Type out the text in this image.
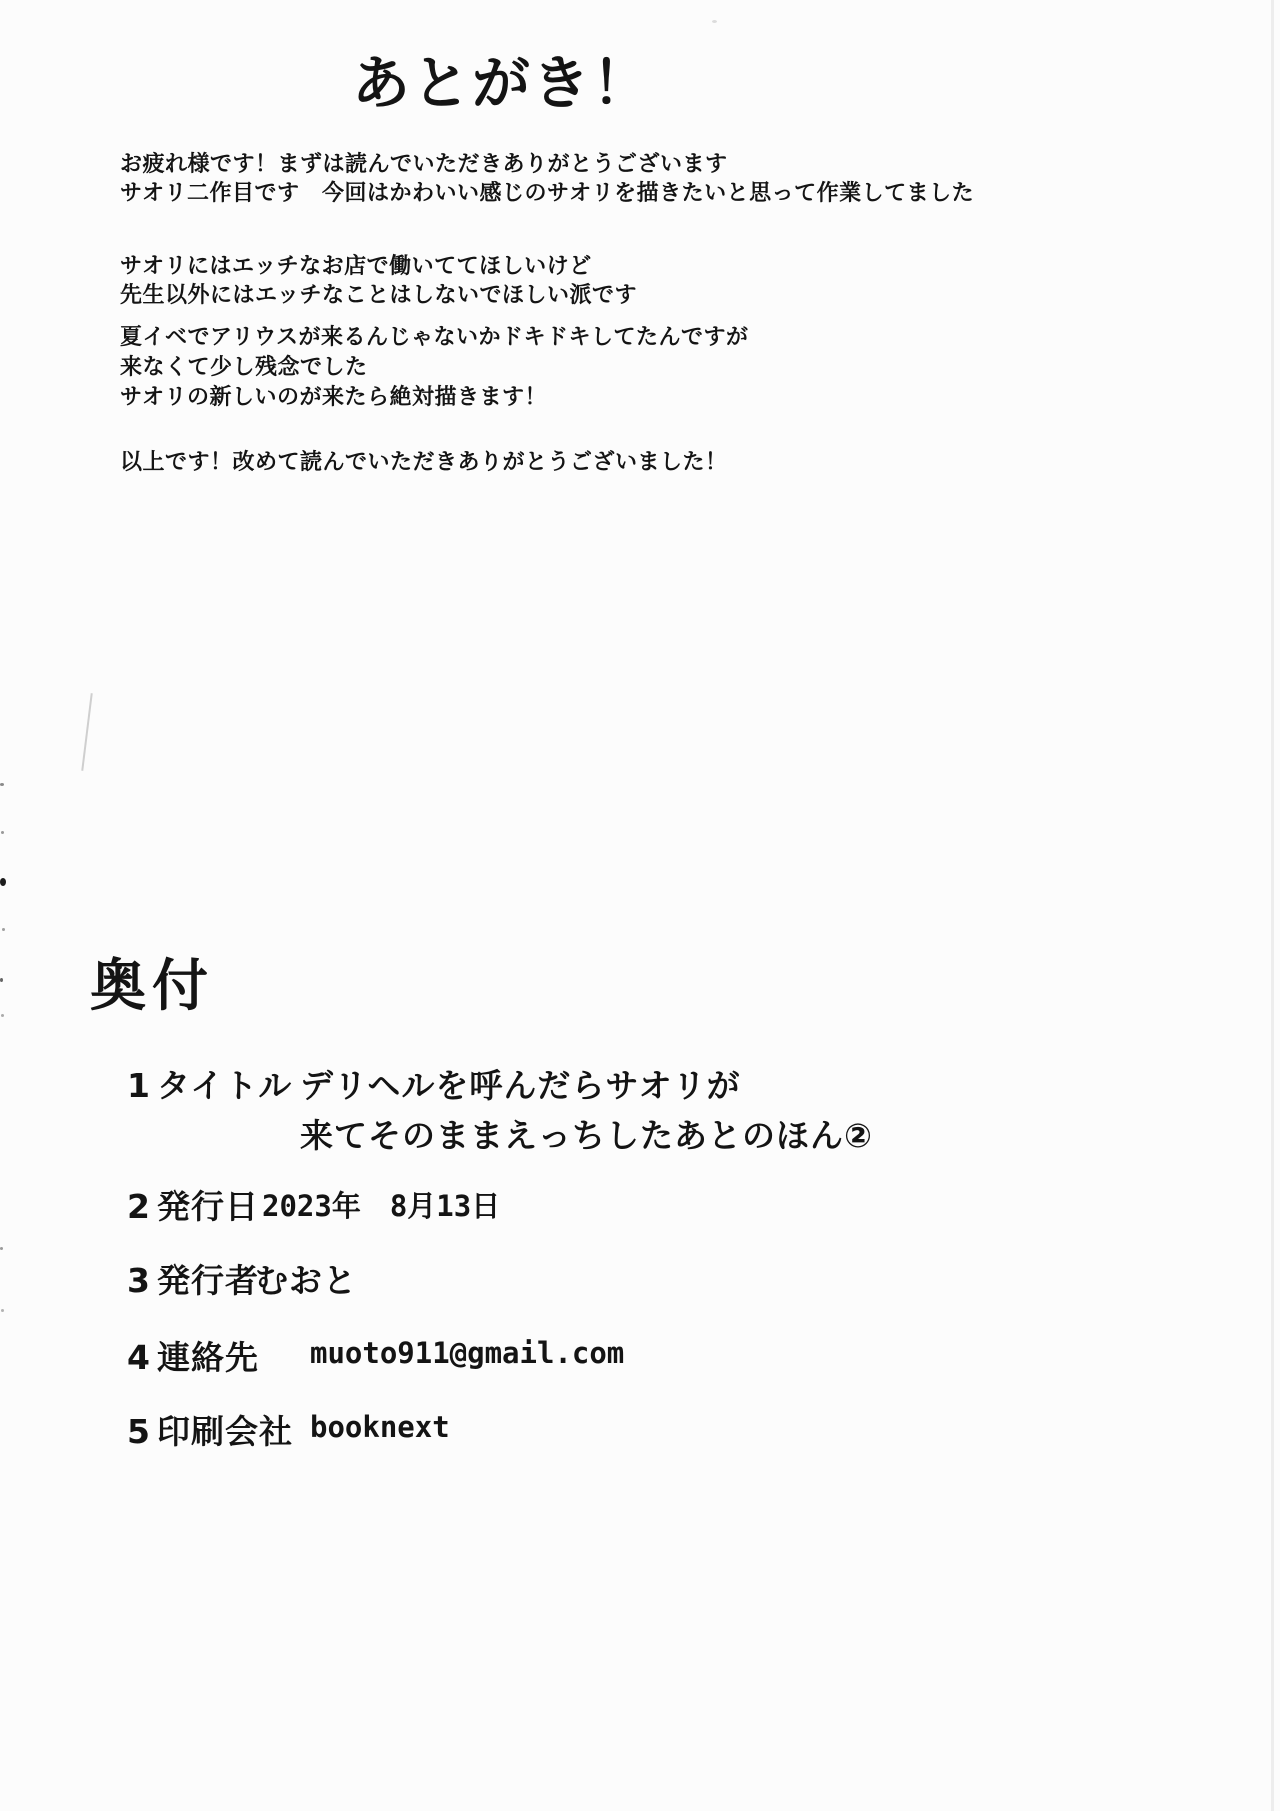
あとがき！
お疲れ様です！まずは読んでいただきありがとうございます
サオリ二作目です　今回はかわいい感じのサオリを描きたいと思って作業してました
サオリにはエッチなお店で働いててほしいけど
先生以外にはエッチなことはしないでほしい派です
夏イベでアリウスが来るんじゃないかドキドキしてたんですが
来なくて少し残念でした
サオリの新しいのが来たら絶対描きます！
以上です！改めて読んでいただきありがとうございました！
奥付
1 タイトル デリヘルを呼んだらサオリが
来てそのままえっちしたあとのほん②
2 発行日 2023年　8月13日
3 発行者
むおと
4 連絡先 muoto911@gmail.com
5 印刷会社 booknext
